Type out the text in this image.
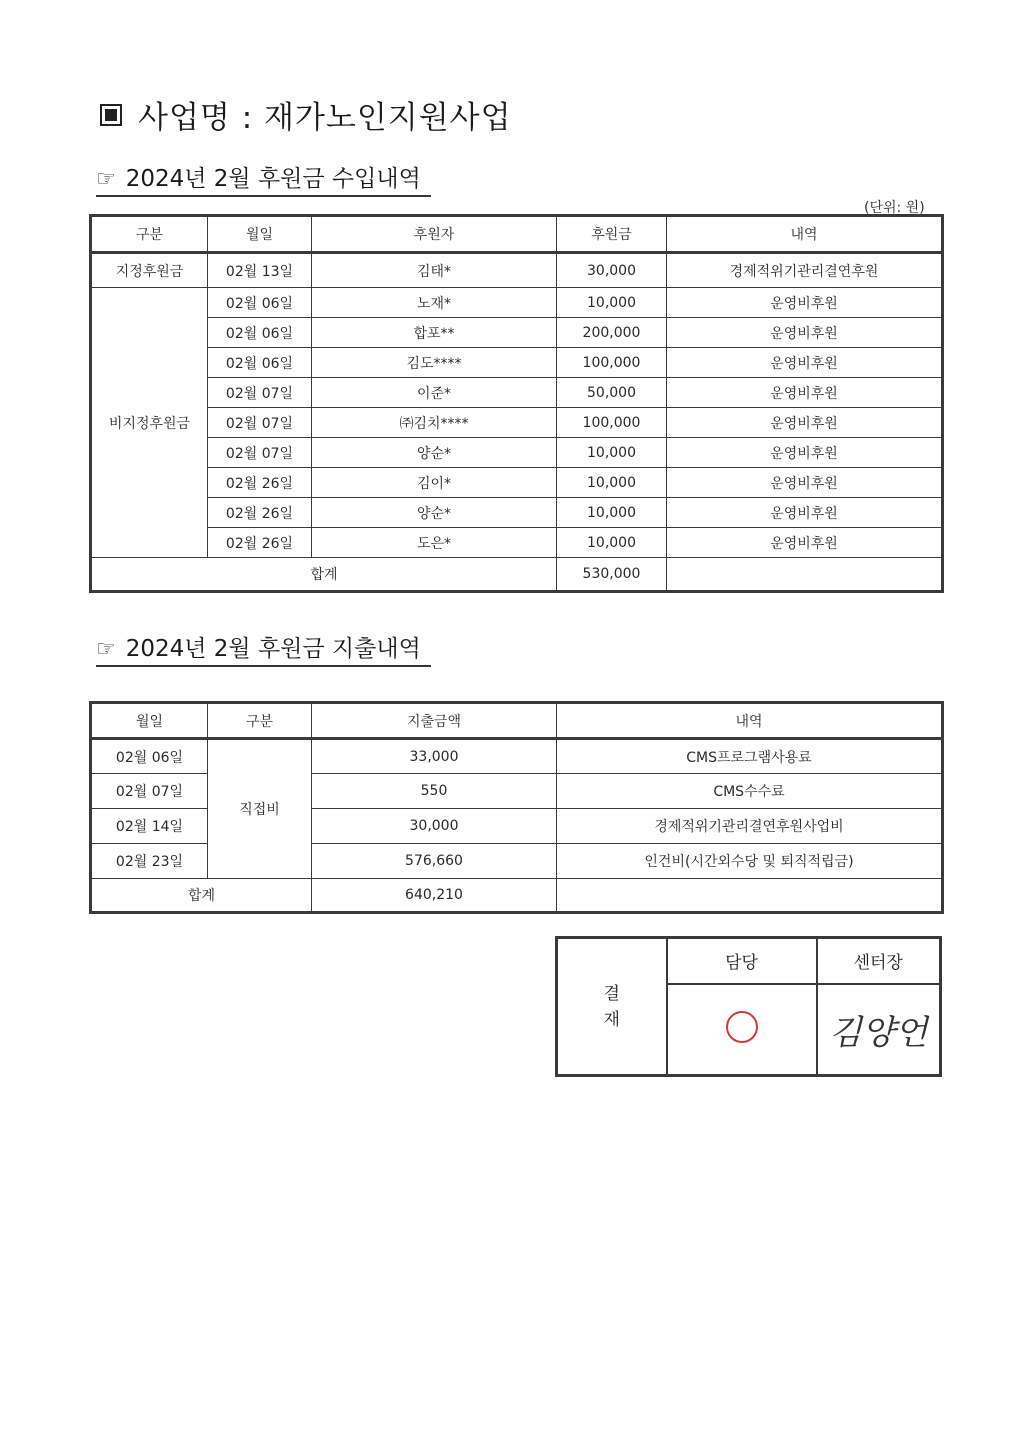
사업명 : 재가노인지원사업
☞ 2024년 2월 후원금 수입내역
(단위: 원)
구분	월일	후원자	후원금	내역
지정후원금	02월 13일	김태*	30,000	경제적위기관리결연후원
비지정후원금	02월 06일	노재*	10,000	운영비후원
	02월 06일	합포**	200,000	운영비후원
	02월 06일	김도****	100,000	운영비후원
	02월 07일	이준*	50,000	운영비후원
	02월 07일	㈜김치****	100,000	운영비후원
	02월 07일	양순*	10,000	운영비후원
	02월 26일	김이*	10,000	운영비후원
	02월 26일	양순*	10,000	운영비후원
	02월 26일	도은*	10,000	운영비후원
합계			530,000	
☞ 2024년 2월 후원금 지출내역
월일	구분	지출금액	내역
02월 06일	직접비	33,000	CMS프로그램사용료
02월 07일		550	CMS수수료
02월 14일		30,000	경제적위기관리결연후원사업비
02월 23일		576,660	인건비(시간외수당 및 퇴직적립금)
합계		640,210	
결
재	담당	센터장
	김양언
